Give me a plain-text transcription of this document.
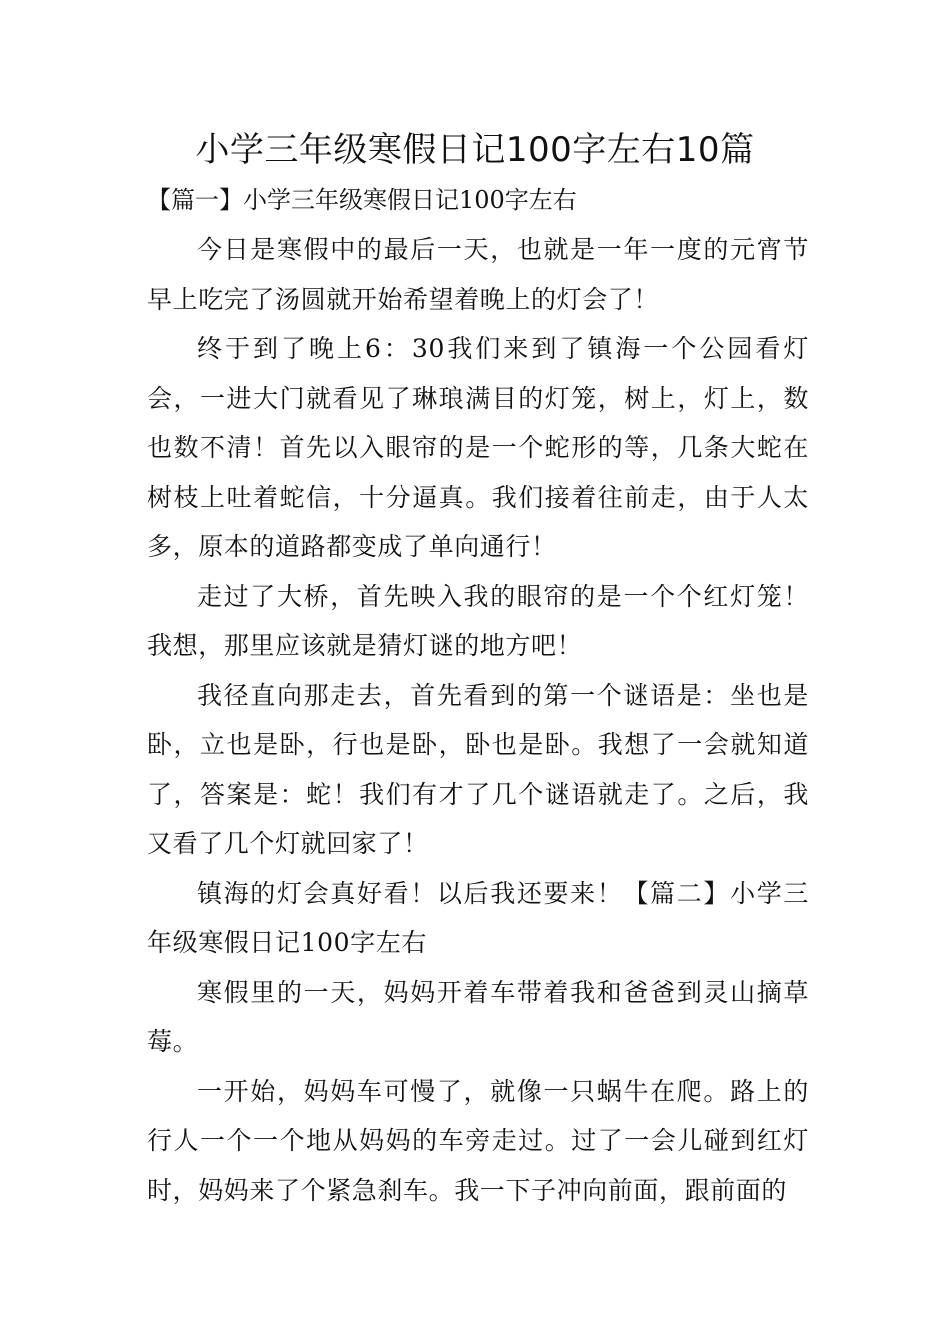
小学三年级寒假日记100字左右10篇
【篇一】小学三年级寒假日记100字左右

今日是寒假中的最后一天，也就是一年一度的元宵节早上吃完了汤圆就开始希望着晚上的灯会了！

终于到了晚上6：30我们来到了镇海一个公园看灯会，一进大门就看见了琳琅满目的灯笼，树上，灯上，数也数不清！首先以入眼帘的是一个蛇形的等，几条大蛇在树枝上吐着蛇信，十分逼真。我们接着往前走，由于人太多，原本的道路都变成了单向通行！

走过了大桥，首先映入我的眼帘的是一个个红灯笼！我想，那里应该就是猜灯谜的地方吧！

我径直向那走去，首先看到的第一个谜语是：坐也是卧，立也是卧，行也是卧，卧也是卧。我想了一会就知道了，答案是：蛇！我们有才了几个谜语就走了。之后，我又看了几个灯就回家了！

镇海的灯会真好看！以后我还要来！【篇二】小学三年级寒假日记100字左右

寒假里的一天，妈妈开着车带着我和爸爸到灵山摘草莓。

一开始，妈妈车可慢了，就像一只蜗牛在爬。路上的行人一个一个地从妈妈的车旁走过。过了一会儿碰到红灯时，妈妈来了个紧急刹车。我一下子冲向前面，跟前面的
